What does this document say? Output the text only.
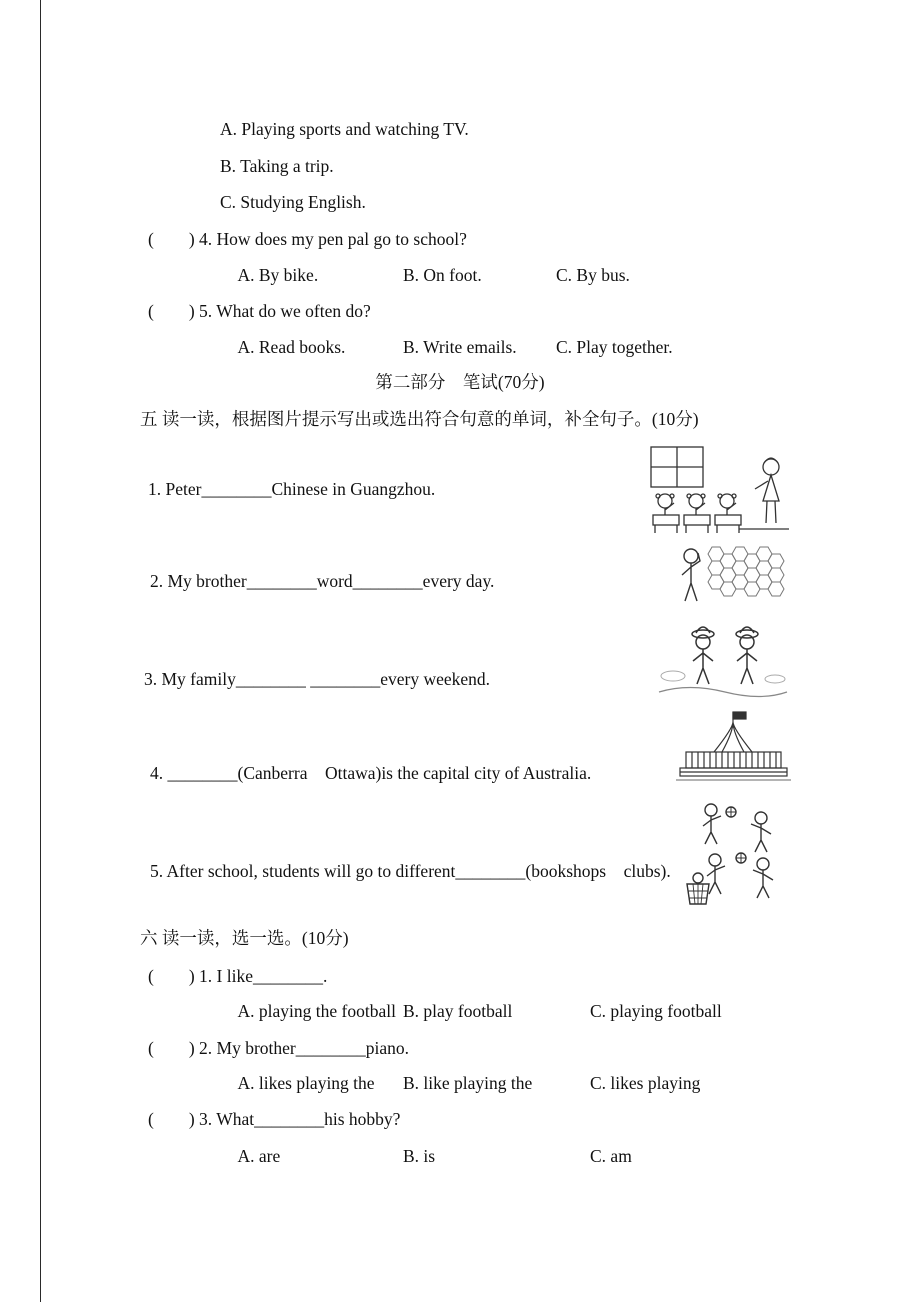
A. Playing sports and watching TV.
B. Taking a trip.
C. Studying English.
(        ) 4. How does my pen pal go to school?

A. By bike.

	B. On foot.

	C. By bus.

(        ) 5. What do we often do?

A. Read books.

	B. Write emails.

C. Play together.

第二部分　笔试(70分)
五 读一读，根据图片提示写出或选出符合句意的单词，补全句子。(10分)
1. Peter________Chinese in Guangzhou.
2. My brother________word________every day.
3. My family________ ________every weekend.
4. ________(Canberra    Ottawa)is the capital city of Australia.
5. After school, students will go to different________(bookshops    clubs).
六 读一读，选一选。(10分)
(        ) 1. I like________.

A. playing the football

B. play football

	C. playing football

(        ) 2. My brother________piano.

A. likes playing the

B. like playing the

	C. likes playing

(        ) 3. What________his hobby?

A. are

	B. is

	C. am
